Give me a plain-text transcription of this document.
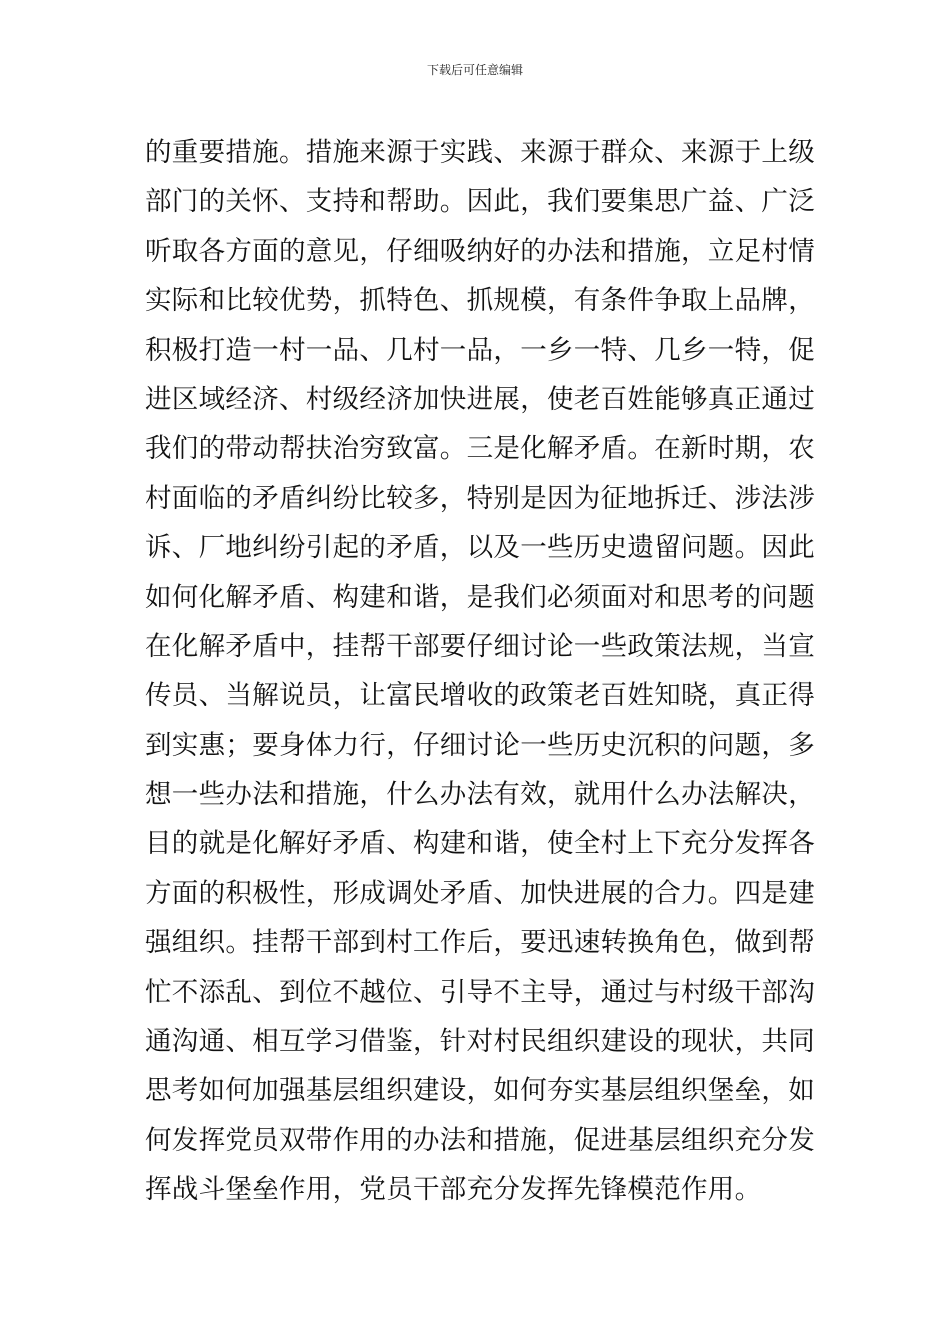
下载后可任意编辑
的重要措施。措施来源于实践、来源于群众、来源于上级
部门的关怀、支持和帮助。因此，我们要集思广益、广泛
听取各方面的意见，仔细吸纳好的办法和措施，立足村情
实际和比较优势，抓特色、抓规模，有条件争取上品牌，
积极打造一村一品、几村一品，一乡一特、几乡一特，促
进区域经济、村级经济加快进展，使老百姓能够真正通过
我们的带动帮扶治穷致富。三是化解矛盾。在新时期，农
村面临的矛盾纠纷比较多，特别是因为征地拆迁、涉法涉
诉、厂地纠纷引起的矛盾，以及一些历史遗留问题。因此
如何化解矛盾、构建和谐，是我们必须面对和思考的问题
在化解矛盾中，挂帮干部要仔细讨论一些政策法规，当宣
传员、当解说员，让富民增收的政策老百姓知晓，真正得
到实惠；要身体力行，仔细讨论一些历史沉积的问题，多
想一些办法和措施，什么办法有效，就用什么办法解决，
目的就是化解好矛盾、构建和谐，使全村上下充分发挥各
方面的积极性，形成调处矛盾、加快进展的合力。四是建
强组织。挂帮干部到村工作后，要迅速转换角色，做到帮
忙不添乱、到位不越位、引导不主导，通过与村级干部沟
通沟通、相互学习借鉴，针对村民组织建设的现状，共同
思考如何加强基层组织建设，如何夯实基层组织堡垒，如
何发挥党员双带作用的办法和措施，促进基层组织充分发
挥战斗堡垒作用，党员干部充分发挥先锋模范作用。
